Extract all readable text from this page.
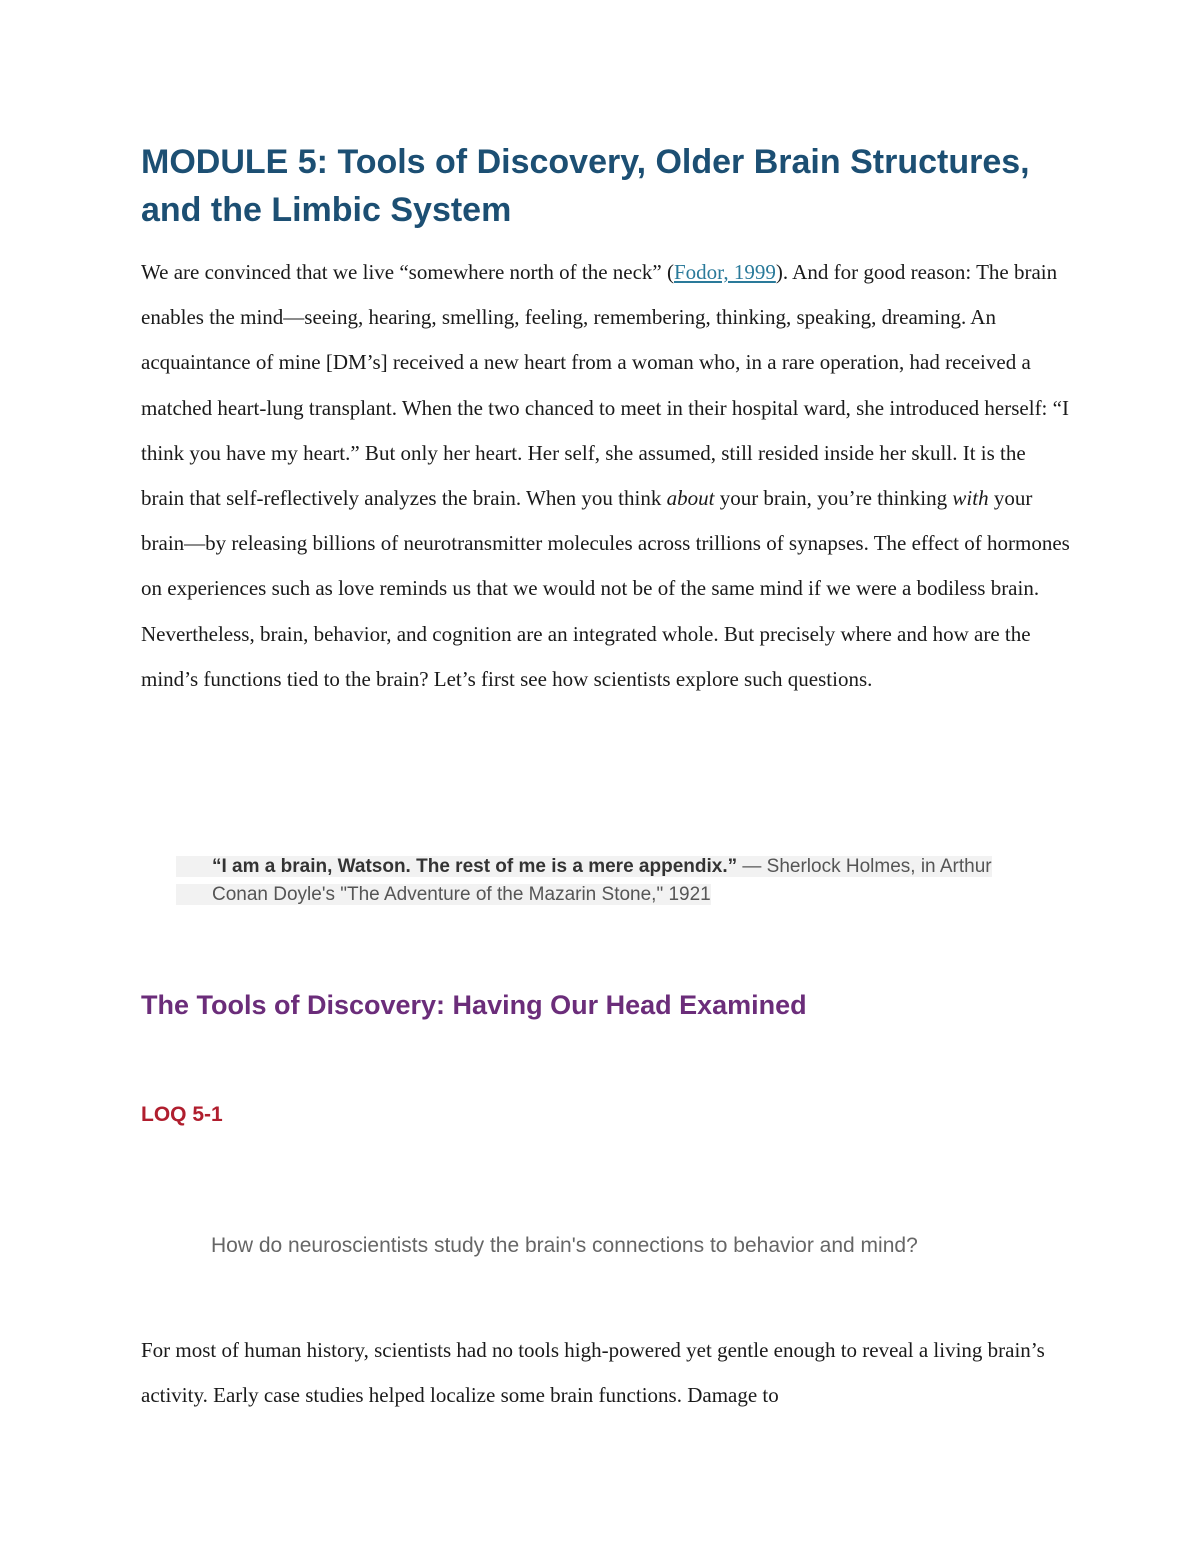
MODULE 5: Tools of Discovery, Older Brain Structures, and the Limbic System

We are convinced that we live “somewhere north of the neck” (Fodor, 1999). And for good reason: The brain enables the mind—seeing, hearing, smelling, feeling, remembering, thinking, speaking, dreaming. An acquaintance of mine [DM’s] received a new heart from a woman who, in a rare operation, had received a matched heart-lung transplant. When the two chanced to meet in their hospital ward, she introduced herself: “I think you have my heart.” But only her heart. Her self, she assumed, still resided inside her skull. It is the brain that self-reflectively analyzes the brain. When you think about your brain, you’re thinking with your brain—by releasing billions of neurotransmitter molecules across trillions of synapses. The effect of hormones on experiences such as love reminds us that we would not be of the same mind if we were a bodiless brain. Nevertheless, brain, behavior, and cognition are an integrated whole. But precisely where and how are the mind’s functions tied to the brain? Let’s first see how scientists explore such questions.

“I am a brain, Watson. The rest of me is a mere appendix.” — Sherlock Holmes, in Arthur Conan Doyle's "The Adventure of the Mazarin Stone," 1921

The Tools of Discovery: Having Our Head Examined
LOQ 5-1

How do neuroscientists study the brain's connections to behavior and mind?

For most of human history, scientists had no tools high-powered yet gentle enough to reveal a living brain’s activity. Early case studies helped localize some brain functions. Damage to
